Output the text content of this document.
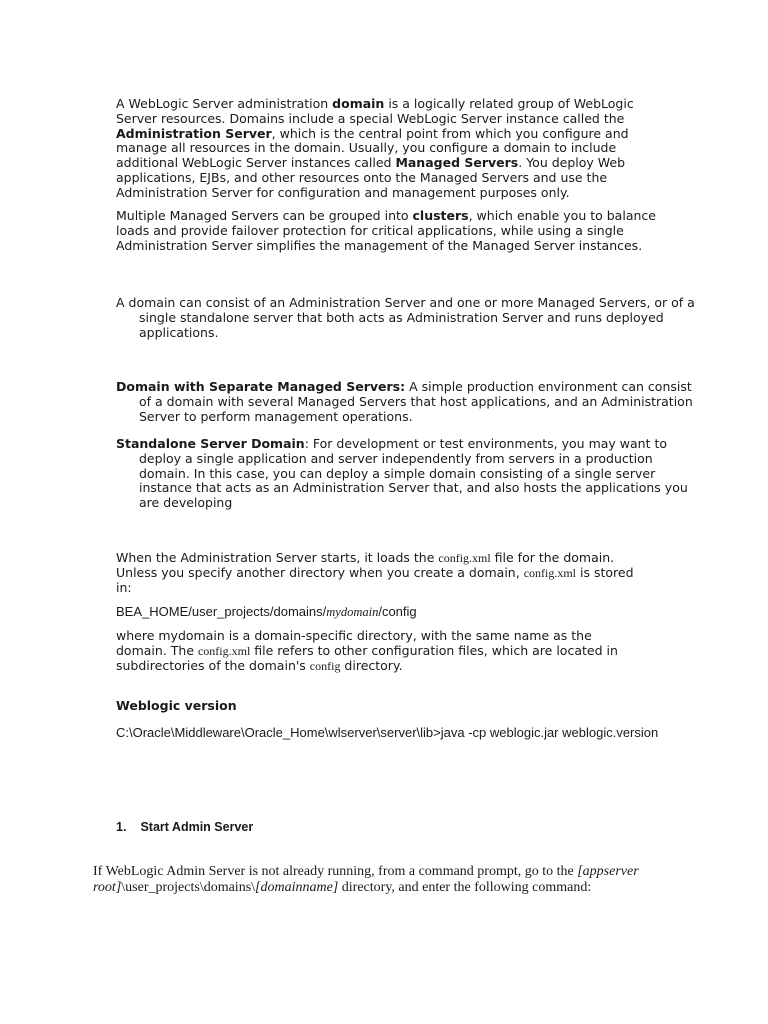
A WebLogic Server administration domain is a logically related group of WebLogic Server resources. Domains include a special WebLogic Server instance called the Administration Server, which is the central point from which you configure and manage all resources in the domain. Usually, you configure a domain to include additional WebLogic Server instances called Managed Servers. You deploy Web applications, EJBs, and other resources onto the Managed Servers and use the Administration Server for configuration and management purposes only.

Multiple Managed Servers can be grouped into clusters, which enable you to balance loads and provide failover protection for critical applications, while using a single Administration Server simplifies the management of the Managed Server instances.

A domain can consist of an Administration Server and one or more Managed Servers, or of a single standalone server that both acts as Administration Server and runs deployed applications.

Domain with Separate Managed Servers: A simple production environment can consist of a domain with several Managed Servers that host applications, and an Administration Server to perform management operations.

Standalone Server Domain: For development or test environments, you may want to deploy a single application and server independently from servers in a production domain. In this case, you can deploy a simple domain consisting of a single server instance that acts as an Administration Server that, and also hosts the applications you are developing

When the Administration Server starts, it loads the config.xml file for the domain. Unless you specify another directory when you create a domain, config.xml is stored in:

BEA_HOME/user_projects/domains/mydomain/config

where mydomain is a domain-specific directory, with the same name as the domain. The config.xml file refers to other configuration files, which are located in subdirectories of the domain's config directory.

Weblogic version

C:\Oracle\Middleware\Oracle_Home\wlserver\server\lib>java -cp weblogic.jar weblogic.version

1. Start Admin Server

If WebLogic Admin Server is not already running, from a command prompt, go to the [appserver root]\user_projects\domains\[domainname] directory, and enter the following command:
